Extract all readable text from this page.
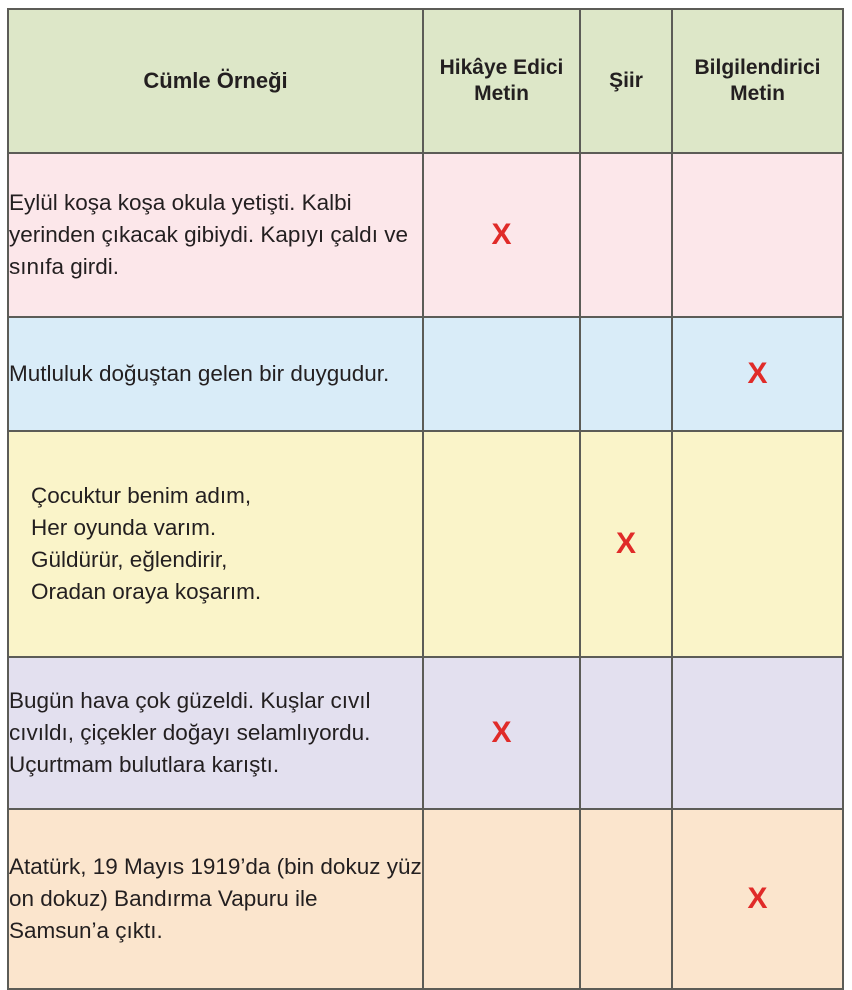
Cümle Örneği	Hikâye Edici Metin	Şiir	Bilgilendirici Metin
Eylül koşa koşa okula yetişti. Kalbi yerinden çıkacak gibiydi. Kapıyı çaldı ve sınıfa girdi.	X		
Mutluluk doğuştan gelen bir duygudur.			X

Çocuktur benim adım,
Her oyunda varım.
Güldürür, eğlendirir,
Oradan oraya koşarım.		X	
Bugün hava çok güzeldi. Kuşlar cıvıl cıvıldı, çiçekler doğayı selamlıyordu. Uçurtmam bulutlara karıştı.	X		
Atatürk, 19 Mayıs 1919’da (bin dokuz yüz on dokuz) Bandırma Vapuru ile Samsun’a çıktı.			X
